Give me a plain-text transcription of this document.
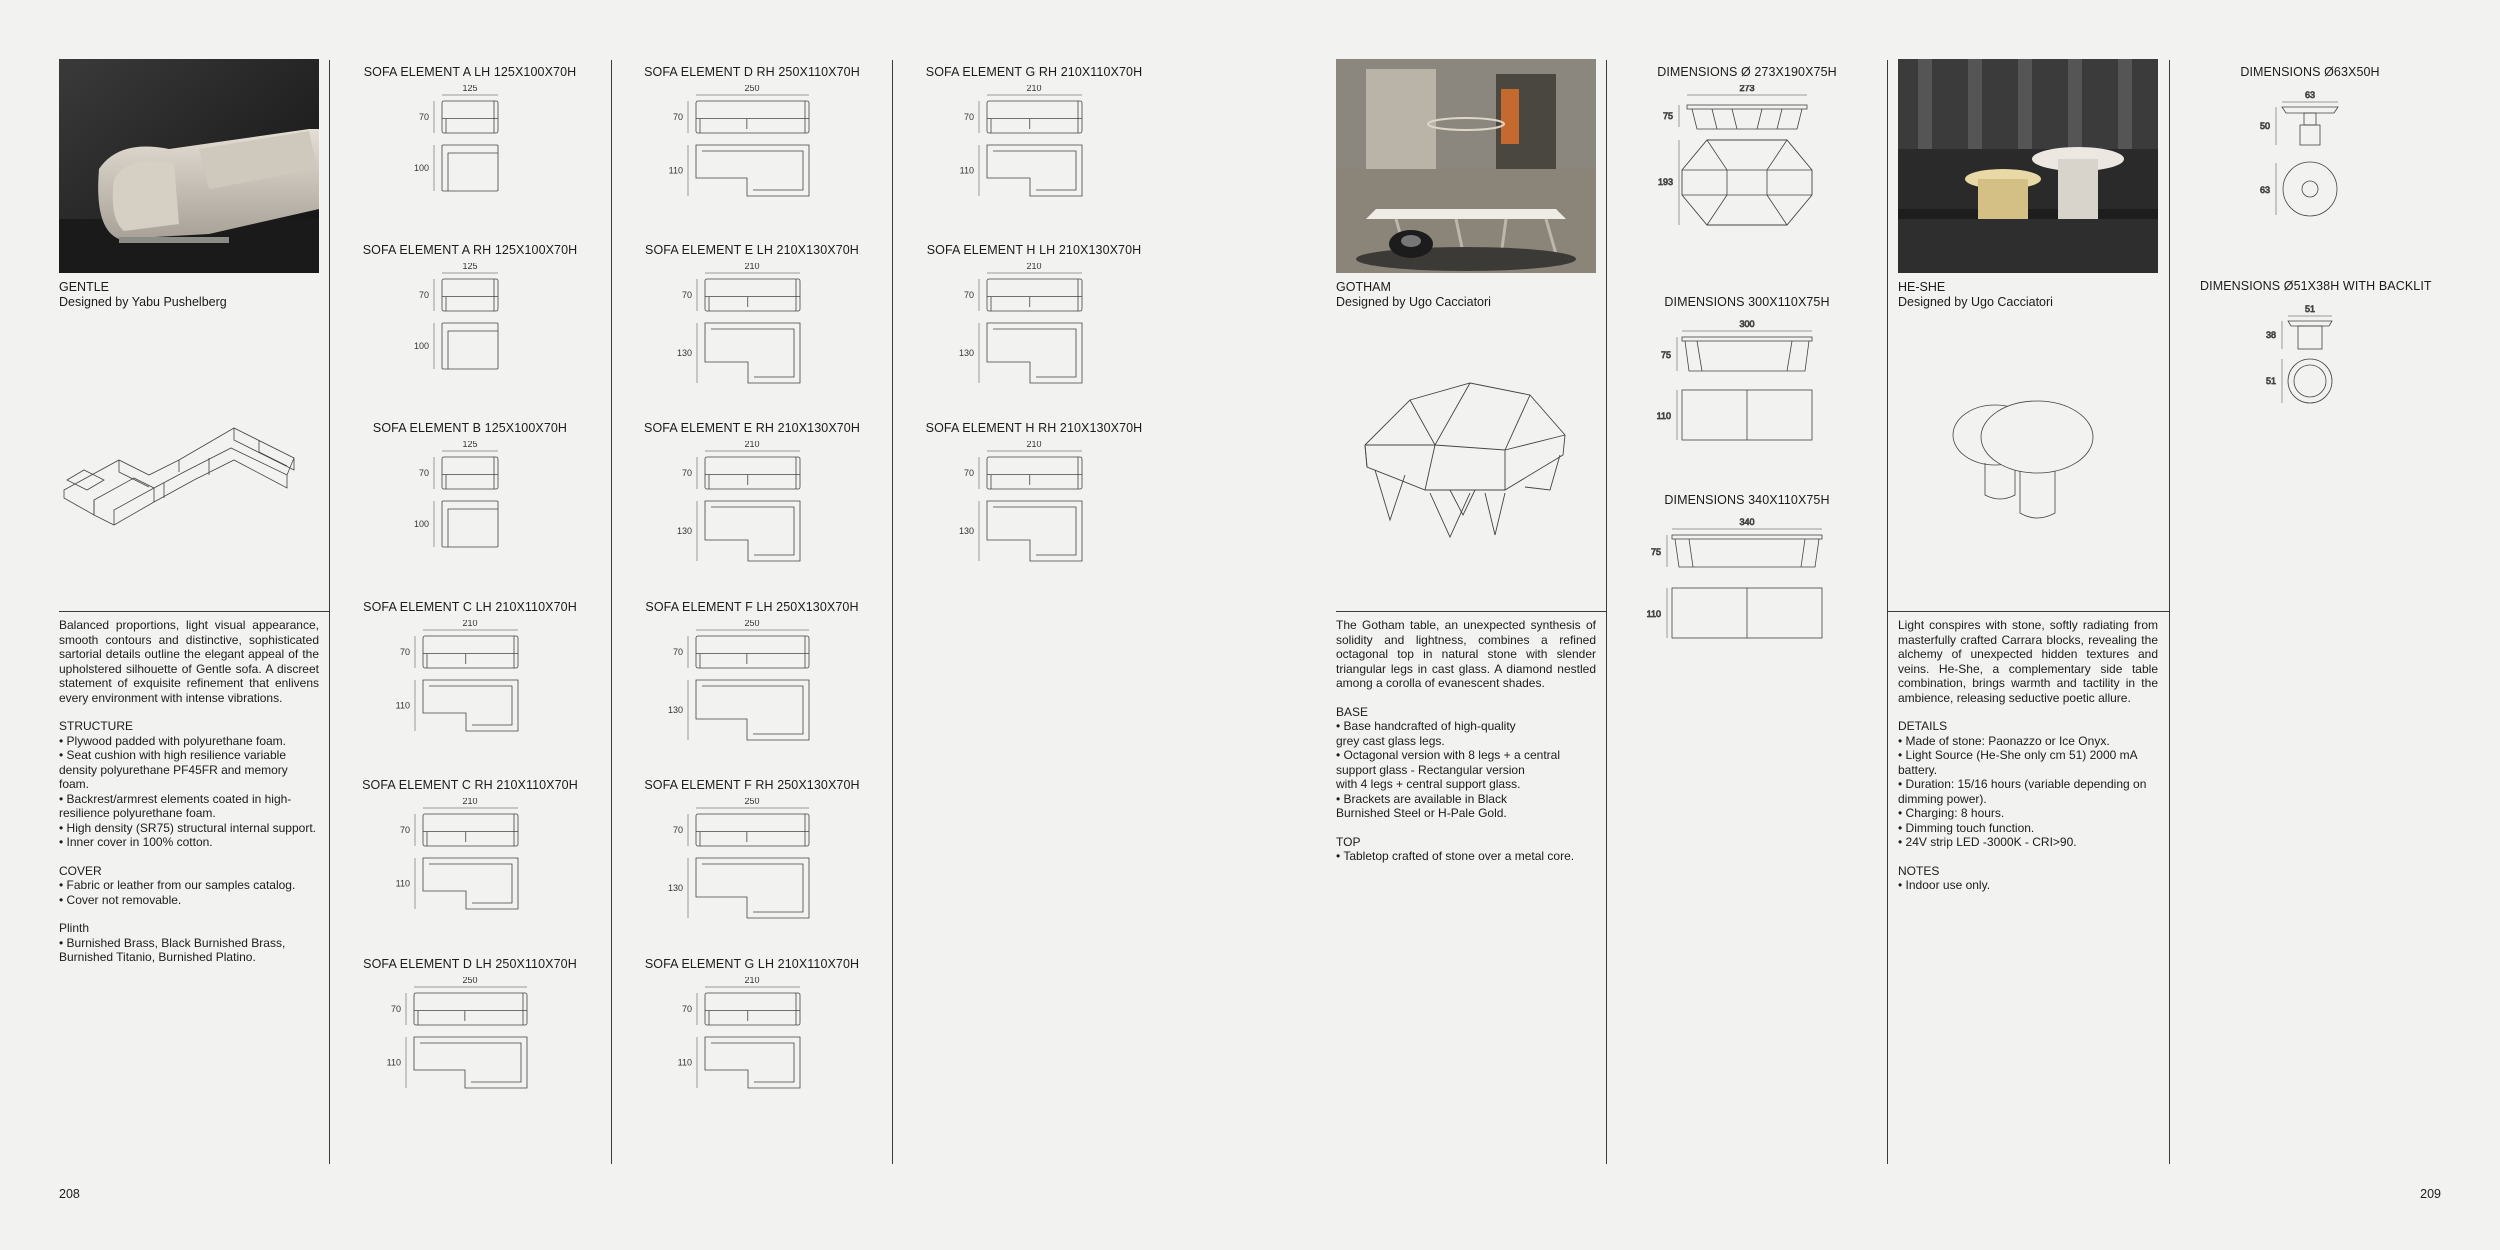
GENTLE
Designed by Yabu Pushelberg

Balanced proportions, light visual appearance, smooth contours and distinctive, sophisticated sartorial details outline the elegant appeal of the upholstered silhouette of Gentle sofa. A discreet statement of exquisite refinement that enlivens every environment with intense vibrations.

STRUCTURE
• Plywood padded with polyurethane foam.
• Seat cushion with high resilience variable density polyurethane PF45FR and memory foam.
• Backrest/armrest elements coated in high-resilience polyurethane foam.
• High density (SR75) structural internal support.
• Inner cover in 100% cotton.
COVER
• Fabric or leather from our samples catalog.
• Cover not removable.
Plinth
• Burnished Brass, Black Burnished Brass, Burnished Titanio, Burnished Platino.
SOFA ELEMENT A LH 125X100X70H
125
70
100
SOFA ELEMENT A RH 125X100X70H
125
70
100
SOFA ELEMENT B 125X100X70H
125
70
100
SOFA ELEMENT C LH 210X110X70H
210
70
110
SOFA ELEMENT C RH 210X110X70H
210
70
110
SOFA ELEMENT D LH 250X110X70H
250
70
110
SOFA ELEMENT D RH 250X110X70H
250
70
110
SOFA ELEMENT E LH 210X130X70H
210
70
130
SOFA ELEMENT E RH 210X130X70H
210
70
130
SOFA ELEMENT F LH 250X130X70H
250
70
130
SOFA ELEMENT F RH 250X130X70H
250
70
130
SOFA ELEMENT G LH 210X110X70H
210
70
110
SOFA ELEMENT G RH 210X110X70H
210
70
110
SOFA ELEMENT H LH 210X130X70H
210
70
130
SOFA ELEMENT H RH 210X130X70H
210
70
130
GOTHAM
Designed by Ugo Cacciatori

The Gotham table, an unexpected synthesis of solidity and lightness, combines a refined octagonal top in natural stone with slender triangular legs in cast glass. A diamond nestled among a corolla of evanescent shades.

BASE
• Base handcrafted of high-quality
grey cast glass legs.
• Octagonal version with 8 legs + a central
support glass - Rectangular version
with 4 legs + central support glass.
• Brackets are available in Black
Burnished Steel or H-Pale Gold.
TOP
• Tabletop crafted of stone over a metal core.
DIMENSIONS Ø 273X190X75H
273
75
193
DIMENSIONS 300X110X75H
300
75
110
DIMENSIONS 340X110X75H
340
75
110
HE-SHE
Designed by Ugo Cacciatori

Light conspires with stone, softly radiating from masterfully crafted Carrara blocks, revealing the alchemy of unexpected hidden textures and veins. He-She, a complementary side table combination, brings warmth and tactility in the ambience, releasing seductive poetic allure.

DETAILS
• Made of stone: Paonazzo or Ice Onyx.
• Light Source (He-She only cm 51) 2000 mA battery.
• Duration: 15/16 hours (variable depending on dimming power).
• Charging: 8 hours.
• Dimming touch function.
• 24V strip LED -3000K - CRI>90.
NOTES
• Indoor use only.
DIMENSIONS Ø63X50H
63
50
63
DIMENSIONS Ø51X38H WITH BACKLIT
51
38
51
208	209
